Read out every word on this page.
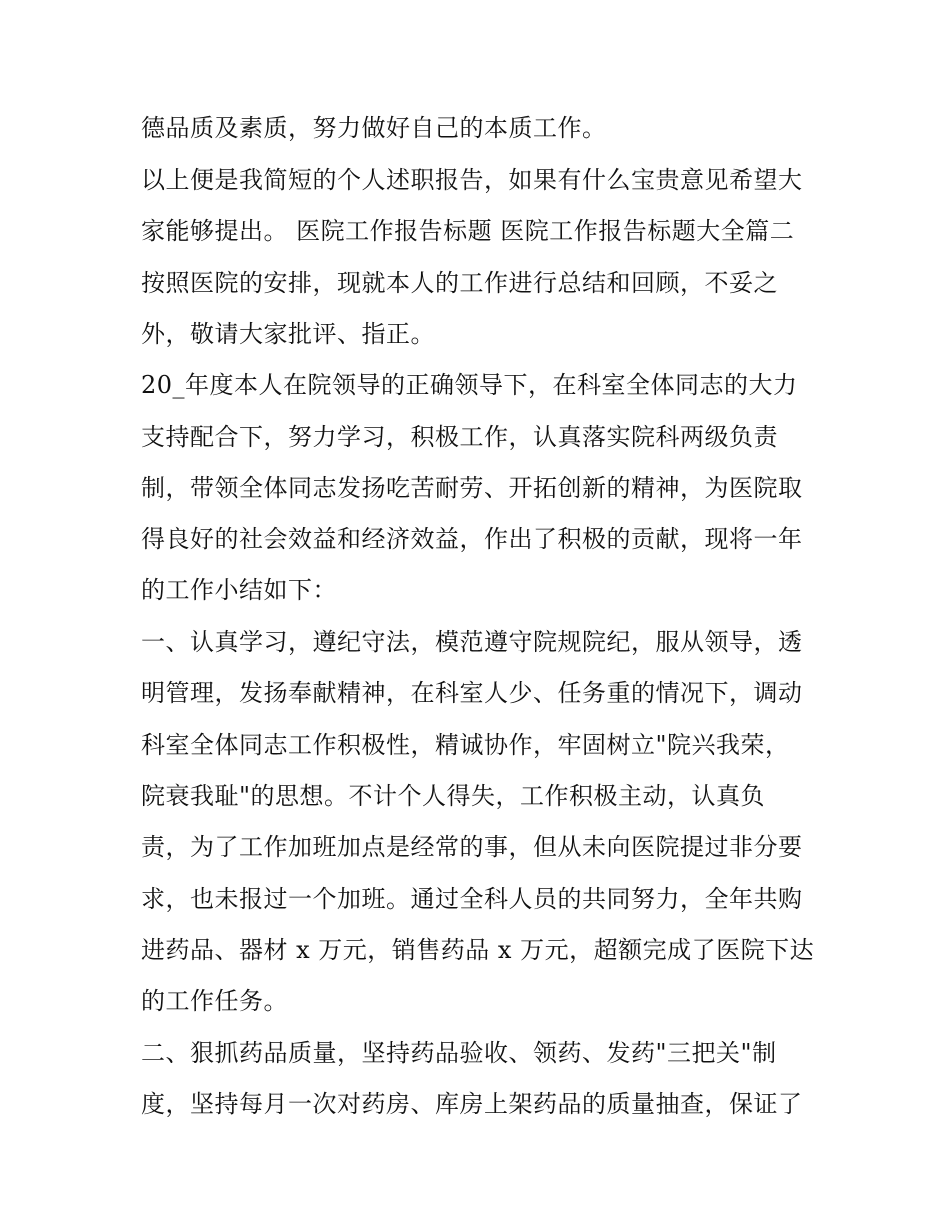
德品质及素质，努力做好自己的本质工作。
以上便是我简短的个人述职报告，如果有什么宝贵意见希望大
家能够提出。 医院工作报告标题 医院工作报告标题大全篇二
按照医院的安排，现就本人的工作进行总结和回顾，不妥之
外，敬请大家批评、指正。
20_年度本人在院领导的正确领导下，在科室全体同志的大力
支持配合下，努力学习，积极工作，认真落实院科两级负责
制，带领全体同志发扬吃苦耐劳、开拓创新的精神，为医院取
得良好的社会效益和经济效益，作出了积极的贡献，现将一年
的工作小结如下：
一、认真学习，遵纪守法，模范遵守院规院纪，服从领导，透
明管理，发扬奉献精神，在科室人少、任务重的情况下，调动
科室全体同志工作积极性，精诚协作，牢固树立"院兴我荣，
院衰我耻"的思想。不计个人得失，工作积极主动，认真负
责，为了工作加班加点是经常的事，但从未向医院提过非分要
求，也未报过一个加班。通过全科人员的共同努力，全年共购
进药品、器材 x 万元，销售药品 x 万元，超额完成了医院下达
的工作任务。
二、狠抓药品质量，坚持药品验收、领药、发药"三把关"制
度，坚持每月一次对药房、库房上架药品的质量抽查，保证了
